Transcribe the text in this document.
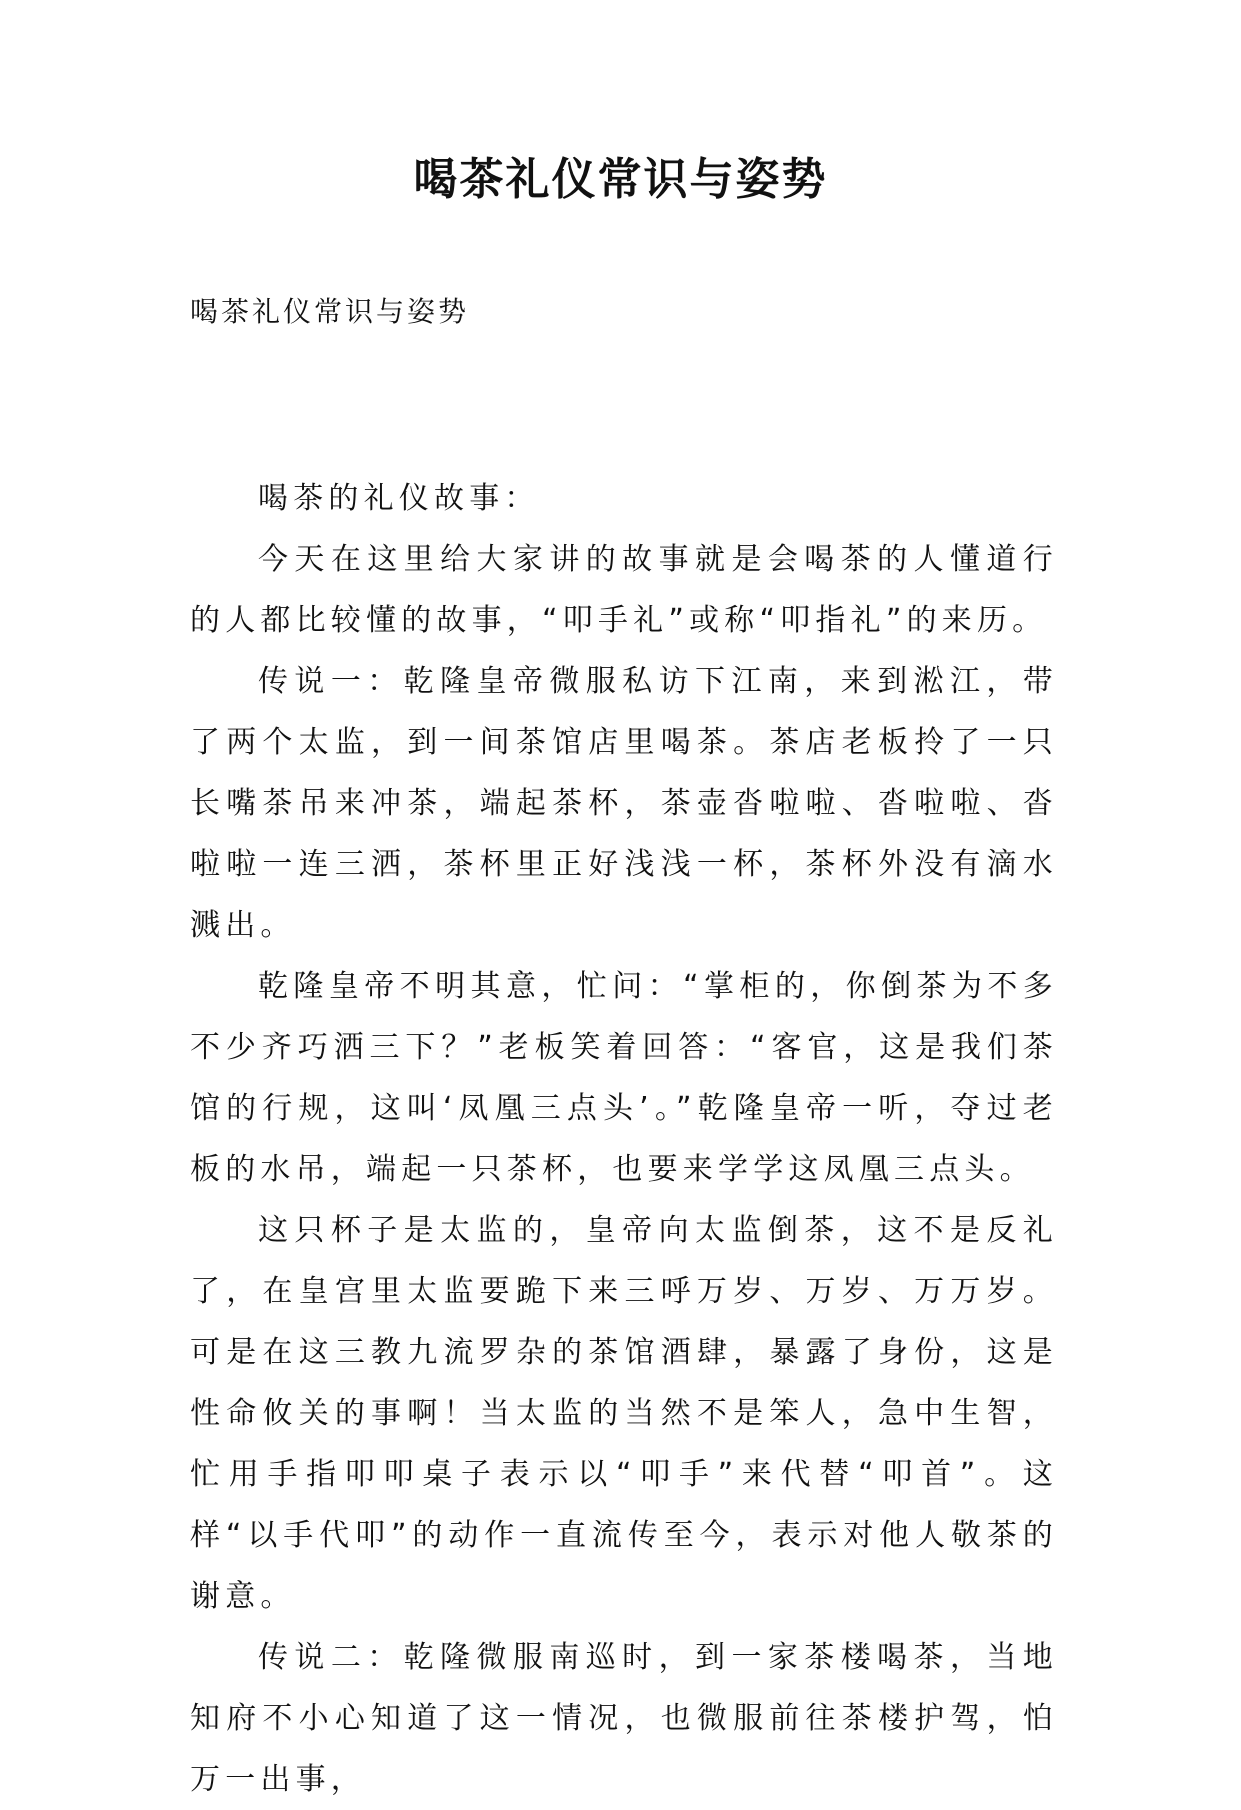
喝茶礼仪常识与姿势
喝茶礼仪常识与姿势

喝茶的礼仪故事：

今天在这里给大家讲的故事就是会喝茶的人懂道行的人都比较懂的故事，“叩手礼”或称“叩指礼”的来历。

传说一：乾隆皇帝微服私访下江南，来到淞江，带了两个太监，到一间茶馆店里喝茶。茶店老板拎了一只长嘴茶吊来冲茶，端起茶杯，茶壶沓啦啦、沓啦啦、沓啦啦一连三洒，茶杯里正好浅浅一杯，茶杯外没有滴水溅出。

乾隆皇帝不明其意，忙问：“掌柜的，你倒茶为不多不少齐巧洒三下？”老板笑着回答：“客官，这是我们茶馆的行规，这叫‘凤凰三点头’。”乾隆皇帝一听，夺过老板的水吊，端起一只茶杯，也要来学学这凤凰三点头。

这只杯子是太监的，皇帝向太监倒茶，这不是反礼了，在皇宫里太监要跪下来三呼万岁、万岁、万万岁。可是在这三教九流罗杂的茶馆酒肆，暴露了身份，这是性命攸关的事啊！当太监的当然不是笨人，急中生智，忙用手指叩叩桌子表示以“叩手”来代替“叩首”。这样“以手代叩”的动作一直流传至今，表示对他人敬茶的谢意。

传说二：乾隆微服南巡时，到一家茶楼喝茶，当地知府不小心知道了这一情况，也微服前往茶楼护驾，怕万一出事，
